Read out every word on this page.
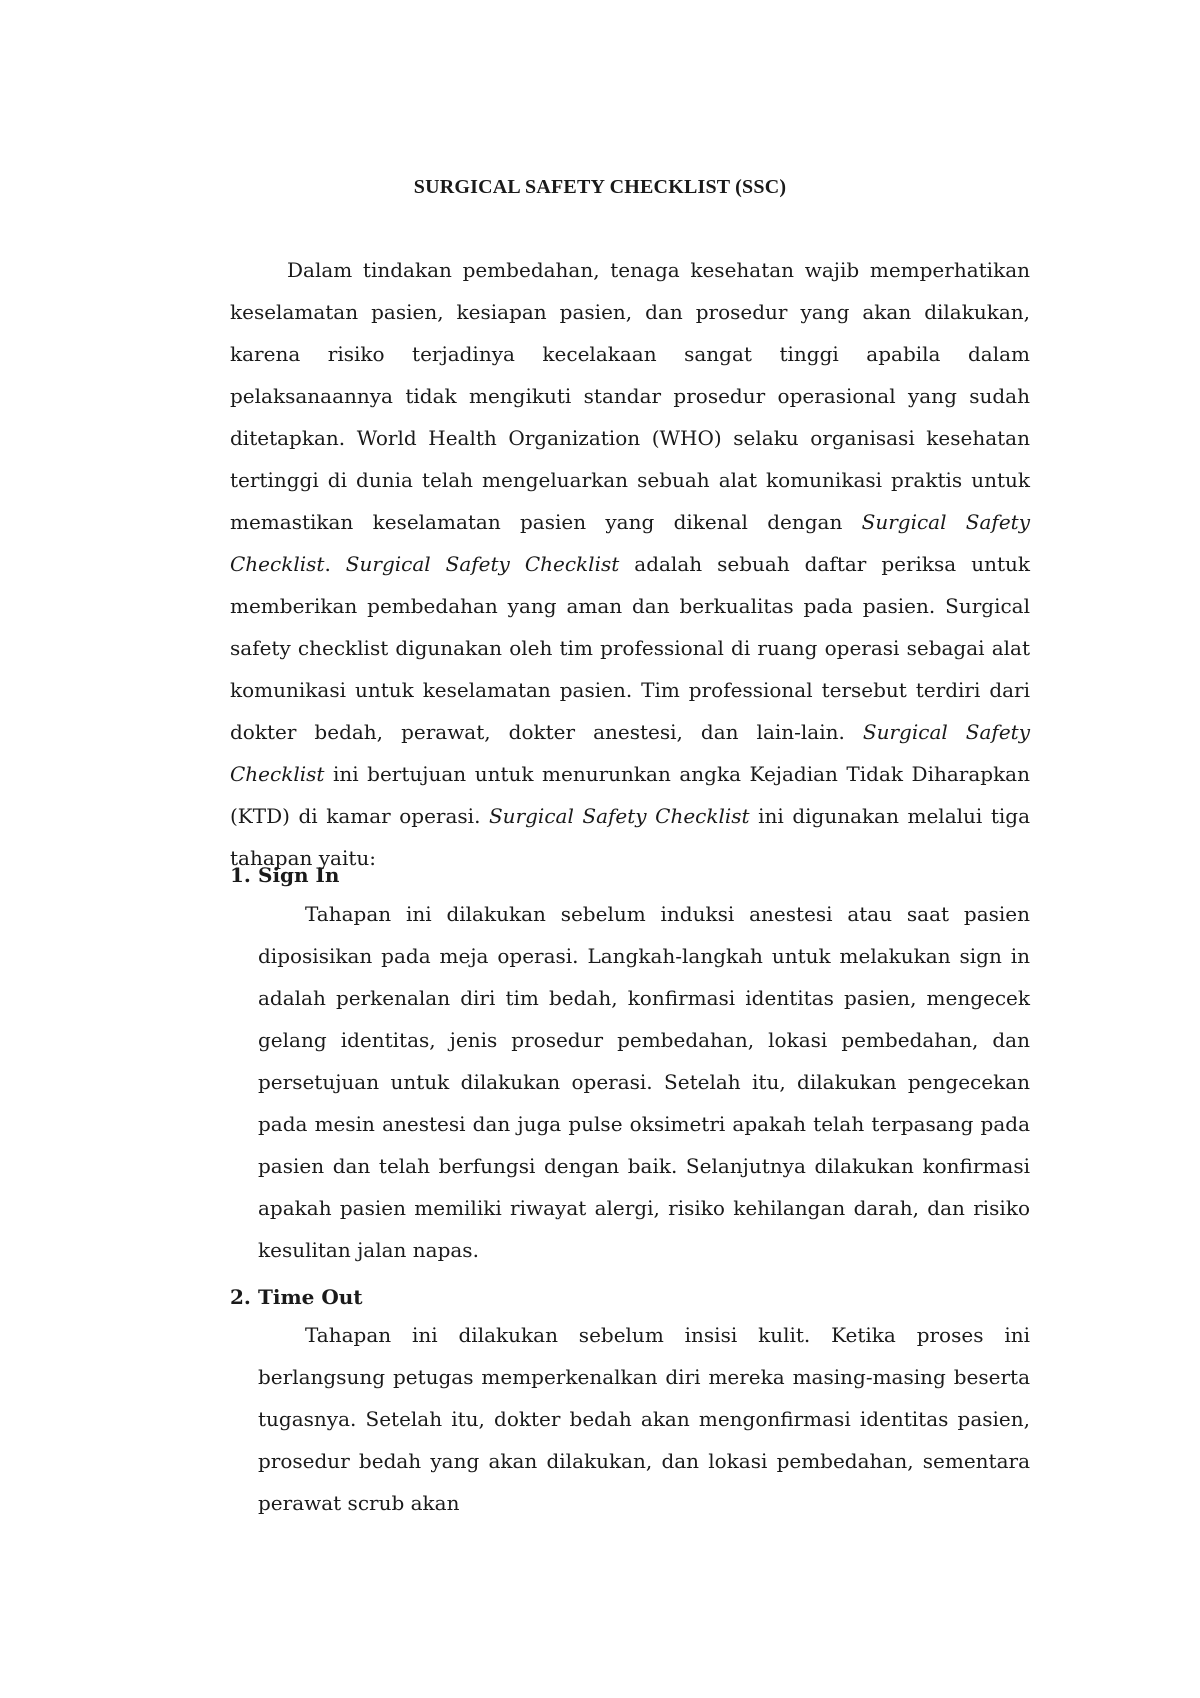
SURGICAL SAFETY CHECKLIST (SSC)

Dalam tindakan pembedahan, tenaga kesehatan wajib memperhatikan keselamatan pasien, kesiapan pasien, dan prosedur yang akan dilakukan, karena risiko terjadinya kecelakaan sangat tinggi apabila dalam pelaksanaannya tidak mengikuti standar prosedur operasional yang sudah ditetapkan. World Health Organization (WHO) selaku organisasi kesehatan tertinggi di dunia telah mengeluarkan sebuah alat komunikasi praktis untuk memastikan keselamatan pasien yang dikenal dengan Surgical Safety Checklist. Surgical Safety Checklist adalah sebuah daftar periksa untuk memberikan pembedahan yang aman dan berkualitas pada pasien. Surgical safety checklist digunakan oleh tim professional di ruang operasi sebagai alat komunikasi untuk keselamatan pasien. Tim professional tersebut terdiri dari dokter bedah, perawat, dokter anestesi, dan lain-lain. Surgical Safety Checklist ini bertujuan untuk menurunkan angka Kejadian Tidak Diharapkan (KTD) di kamar operasi. Surgical Safety Checklist ini digunakan melalui tiga tahapan yaitu:

1. Sign In

Tahapan ini dilakukan sebelum induksi anestesi atau saat pasien diposisikan pada meja operasi. Langkah-langkah untuk melakukan sign in adalah perkenalan diri tim bedah, konfirmasi identitas pasien, mengecek gelang identitas, jenis prosedur pembedahan, lokasi pembedahan, dan persetujuan untuk dilakukan operasi. Setelah itu, dilakukan pengecekan pada mesin anestesi dan juga pulse oksimetri apakah telah terpasang pada pasien dan telah berfungsi dengan baik. Selanjutnya dilakukan konfirmasi apakah pasien memiliki riwayat alergi, risiko kehilangan darah, dan risiko kesulitan jalan napas.

2. Time Out

Tahapan ini dilakukan sebelum insisi kulit. Ketika proses ini berlangsung petugas memperkenalkan diri mereka masing-masing beserta tugasnya. Setelah itu, dokter bedah akan mengonfirmasi identitas pasien, prosedur bedah yang akan dilakukan, dan lokasi pembedahan, sementara perawat scrub akan
